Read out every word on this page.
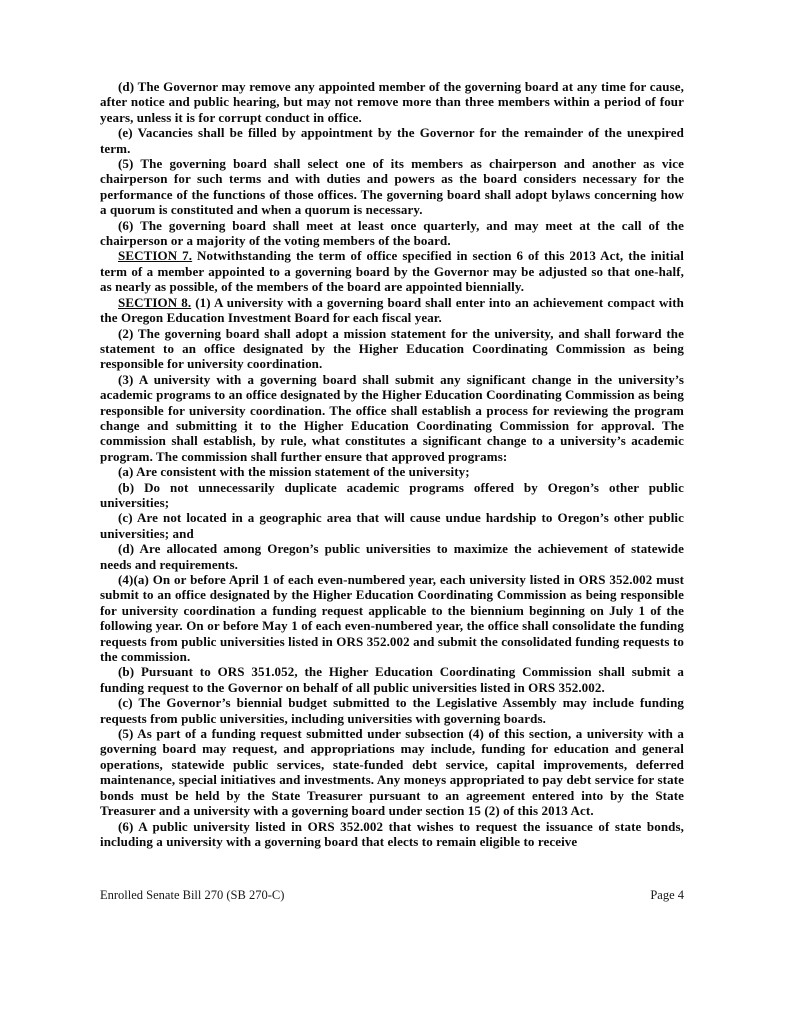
(d) The Governor may remove any appointed member of the governing board at any time for cause, after notice and public hearing, but may not remove more than three members within a period of four years, unless it is for corrupt conduct in office.

(e) Vacancies shall be filled by appointment by the Governor for the remainder of the unexpired term.

(5) The governing board shall select one of its members as chairperson and another as vice chairperson for such terms and with duties and powers as the board considers necessary for the performance of the functions of those offices. The governing board shall adopt bylaws concerning how a quorum is constituted and when a quorum is necessary.

(6) The governing board shall meet at least once quarterly, and may meet at the call of the chairperson or a majority of the voting members of the board.

SECTION 7. Notwithstanding the term of office specified in section 6 of this 2013 Act, the initial term of a member appointed to a governing board by the Governor may be adjusted so that one-half, as nearly as possible, of the members of the board are appointed biennially.

SECTION 8. (1) A university with a governing board shall enter into an achievement compact with the Oregon Education Investment Board for each fiscal year.

(2) The governing board shall adopt a mission statement for the university, and shall forward the statement to an office designated by the Higher Education Coordinating Commission as being responsible for university coordination.

(3) A university with a governing board shall submit any significant change in the university’s academic programs to an office designated by the Higher Education Coordinating Commission as being responsible for university coordination. The office shall establish a process for reviewing the program change and submitting it to the Higher Education Coordinating Commission for approval. The commission shall establish, by rule, what constitutes a significant change to a university’s academic program. The commission shall further ensure that approved programs:

(a) Are consistent with the mission statement of the university;

(b) Do not unnecessarily duplicate academic programs offered by Oregon’s other public universities;

(c) Are not located in a geographic area that will cause undue hardship to Oregon’s other public universities; and

(d) Are allocated among Oregon’s public universities to maximize the achievement of statewide needs and requirements.

(4)(a) On or before April 1 of each even-numbered year, each university listed in ORS 352.002 must submit to an office designated by the Higher Education Coordinating Commission as being responsible for university coordination a funding request applicable to the biennium beginning on July 1 of the following year. On or before May 1 of each even-numbered year, the office shall consolidate the funding requests from public universities listed in ORS 352.002 and submit the consolidated funding requests to the commission.

(b) Pursuant to ORS 351.052, the Higher Education Coordinating Commission shall submit a funding request to the Governor on behalf of all public universities listed in ORS 352.002.

(c) The Governor’s biennial budget submitted to the Legislative Assembly may include funding requests from public universities, including universities with governing boards.

(5) As part of a funding request submitted under subsection (4) of this section, a university with a governing board may request, and appropriations may include, funding for education and general operations, statewide public services, state-funded debt service, capital improvements, deferred maintenance, special initiatives and investments. Any moneys appropriated to pay debt service for state bonds must be held by the State Treasurer pursuant to an agreement entered into by the State Treasurer and a university with a governing board under section 15 (2) of this 2013 Act.

(6) A public university listed in ORS 352.002 that wishes to request the issuance of state bonds, including a university with a governing board that elects to remain eligible to receive

Enrolled Senate Bill 270 (SB 270-C)	Page 4
